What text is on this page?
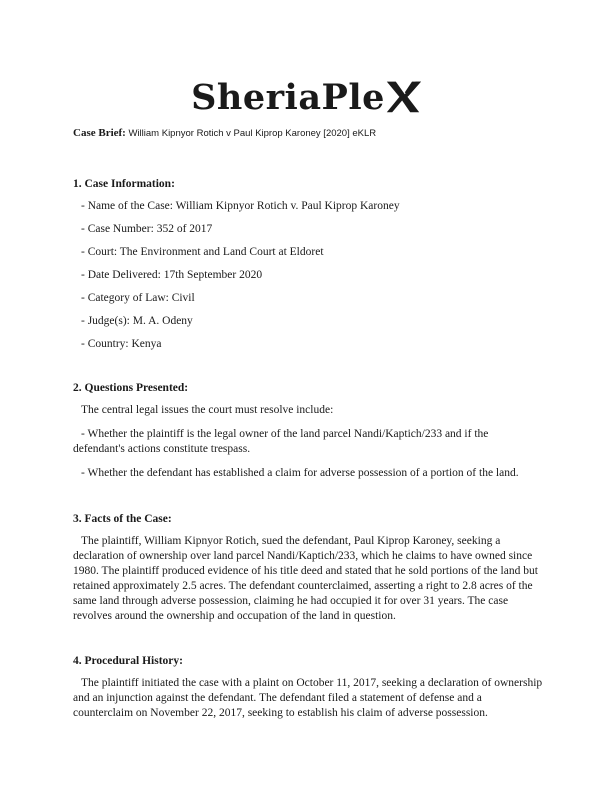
SheriaPle
Case Brief: William Kipnyor Rotich v Paul Kiprop Karoney [2020] eKLR
1. Case Information:
- Name of the Case: William Kipnyor Rotich v. Paul Kiprop Karoney
- Case Number: 352 of 2017
- Court: The Environment and Land Court at Eldoret
- Date Delivered: 17th September 2020
- Category of Law: Civil
- Judge(s): M. A. Odeny
- Country: Kenya
2. Questions Presented:
The central legal issues the court must resolve include:
- Whether the plaintiff is the legal owner of the land parcel Nandi/Kaptich/233 and if the defendant's actions constitute trespass.
- Whether the defendant has established a claim for adverse possession of a portion of the land.
3. Facts of the Case:
The plaintiff, William Kipnyor Rotich, sued the defendant, Paul Kiprop Karoney, seeking a declaration of ownership over land parcel Nandi/Kaptich/233, which he claims to have owned since 1980. The plaintiff produced evidence of his title deed and stated that he sold portions of the land but retained approximately 2.5 acres. The defendant counterclaimed, asserting a right to 2.8 acres of the same land through adverse possession, claiming he had occupied it for over 31 years. The case revolves around the ownership and occupation of the land in question.
4. Procedural History:
The plaintiff initiated the case with a plaint on October 11, 2017, seeking a declaration of ownership and an injunction against the defendant. The defendant filed a statement of defense and a counterclaim on November 22, 2017, seeking to establish his claim of adverse possession.
